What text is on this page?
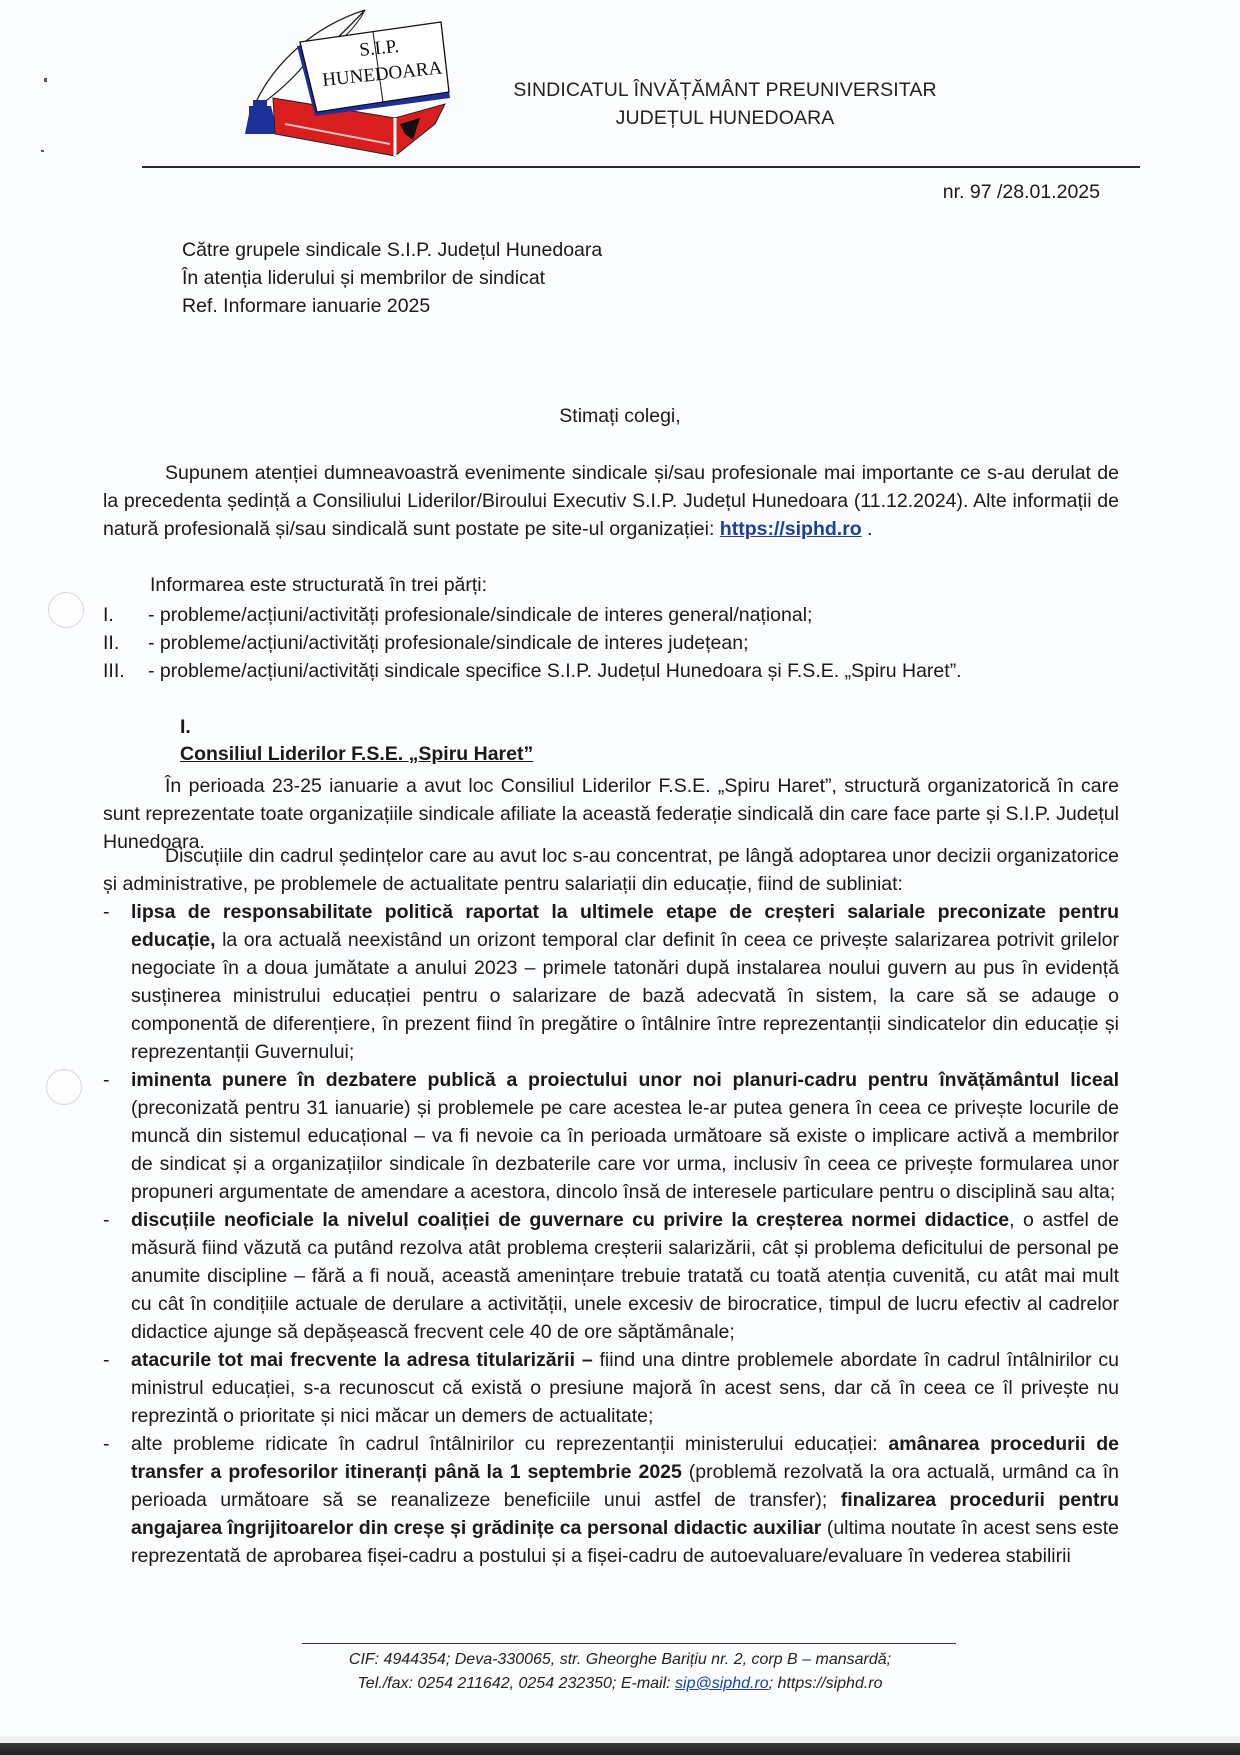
S.I.P.
HUNEDOARA	SINDICATUL ÎNVĂȚĂMÂNT PREUNIVERSITAR
JUDEȚUL HUNEDOARA
nr. 97 /28.01.2025
Către grupele sindicale S.I.P. Județul Hunedoara
În atenția liderului și membrilor de sindicat
Ref. Informare ianuarie 2025
Stimați colegi,
Supunem atenției dumneavoastră evenimente sindicale și/sau profesionale mai importante ce s-au derulat de la precedenta ședință a Consiliului Liderilor/Biroului Executiv S.I.P. Județul Hunedoara (11.12.2024). Alte informații de natură profesională și/sau sindicală sunt postate pe site-ul organizației: https://siphd.ro .
Informarea este structurată în trei părți:
I.	- probleme/acțiuni/activități profesionale/sindicale de interes general/național;
II.	- probleme/acțiuni/activități profesionale/sindicale de interes județean;
III.	- probleme/acțiuni/activități sindicale specifice S.I.P. Județul Hunedoara și F.S.E. „Spiru Haret”.
I.
Consiliul Liderilor F.S.E. „Spiru Haret”
În perioada 23-25 ianuarie a avut loc Consiliul Liderilor F.S.E. „Spiru Haret”, structură organizatorică în care sunt reprezentate toate organizațiile sindicale afiliate la această federație sindicală din care face parte și S.I.P. Județul Hunedoara.
Discuțiile din cadrul ședințelor care au avut loc s-au concentrat, pe lângă adoptarea unor decizii organizatorice și administrative, pe problemele de actualitate pentru salariații din educație, fiind de subliniat:
-	lipsa de responsabilitate politică raportat la ultimele etape de creșteri salariale preconizate pentru educație, la ora actuală neexistând un orizont temporal clar definit în ceea ce privește salarizarea potrivit grilelor negociate în a doua jumătate a anului 2023 – primele tatonări după instalarea noului guvern au pus în evidență susținerea ministrului educației pentru o salarizare de bază adecvată în sistem, la care să se adauge o componentă de diferențiere, în prezent fiind în pregătire o întâlnire între reprezentanții sindicatelor din educație și reprezentanții Guvernului;
-	iminenta punere în dezbatere publică a proiectului unor noi planuri-cadru pentru învățământul liceal (preconizată pentru 31 ianuarie) și problemele pe care acestea le-ar putea genera în ceea ce privește locurile de muncă din sistemul educațional – va fi nevoie ca în perioada următoare să existe o implicare activă a membrilor de sindicat și a organizațiilor sindicale în dezbaterile care vor urma, inclusiv în ceea ce privește formularea unor propuneri argumentate de amendare a acestora, dincolo însă de interesele particulare pentru o disciplină sau alta;
-	discuțiile neoficiale la nivelul coaliției de guvernare cu privire la creșterea normei didactice, o astfel de măsură fiind văzută ca putând rezolva atât problema creșterii salarizării, cât și problema deficitului de personal pe anumite discipline – fără a fi nouă, această amenințare trebuie tratată cu toată atenția cuvenită, cu atât mai mult cu cât în condițiile actuale de derulare a activității, unele excesiv de birocratice, timpul de lucru efectiv al cadrelor didactice ajunge să depășească frecvent cele 40 de ore săptămânale;
-	atacurile tot mai frecvente la adresa titularizării – fiind una dintre problemele abordate în cadrul întâlnirilor cu ministrul educației, s-a recunoscut că există o presiune majoră în acest sens, dar că în ceea ce îl privește nu reprezintă o prioritate și nici măcar un demers de actualitate;
-	alte probleme ridicate în cadrul întâlnirilor cu reprezentanții ministerului educației: amânarea procedurii de transfer a profesorilor itineranți până la 1 septembrie 2025 (problemă rezolvată la ora actuală, urmând ca în perioada următoare să se reanalizeze beneficiile unui astfel de transfer); finalizarea procedurii pentru angajarea îngrijitoarelor din creșe și grădinițe ca personal didactic auxiliar (ultima noutate în acest sens este reprezentată de aprobarea fișei-cadru a postului și a fișei-cadru de autoevaluare/evaluare în vederea stabilirii
CIF: 4944354; Deva-330065, str. Gheorghe Barițiu nr. 2, corp B – mansardă;
Tel./fax: 0254 211642, 0254 232350; E-mail: sip@siphd.ro; https://siphd.ro
